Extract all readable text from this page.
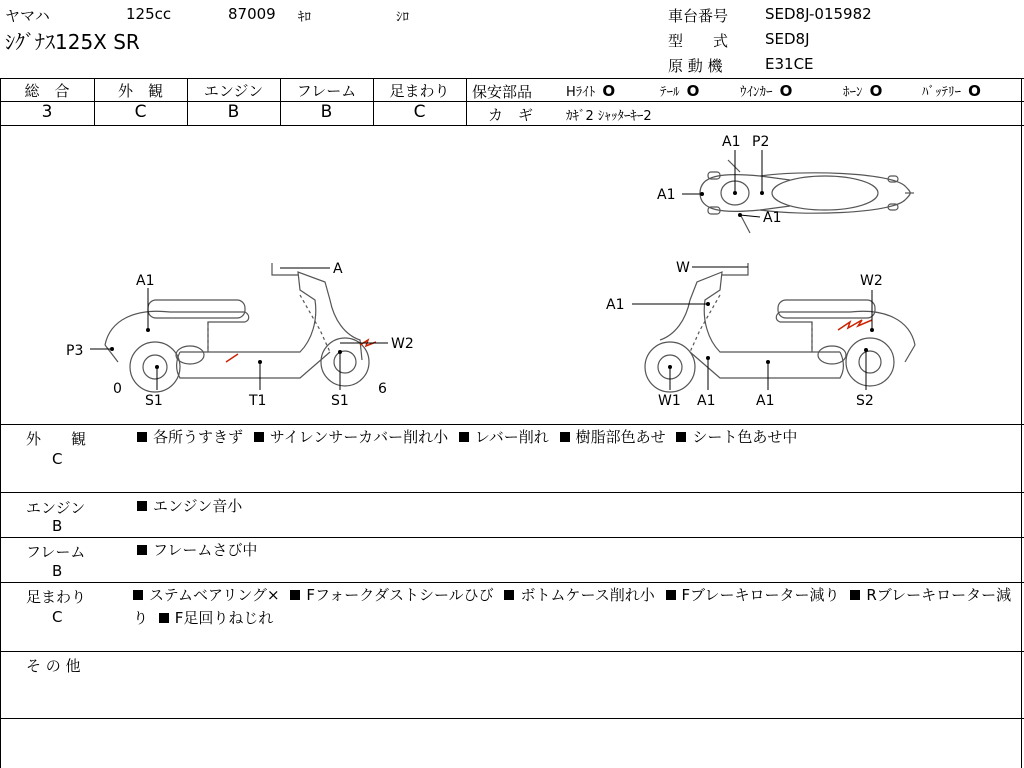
ヤマハ	125cc	87009 ｷﾛ	ｼﾛ
ｼｸﾞﾅｽ125X SR
車台番号 SED8J-015982
型　　式 SED8J
原 動 機	E31CE
総　合	外　観	エンジン	フレーム	足まわり
3	C	B	B	C
保安部品	Hﾗｲﾄ O	ﾃｰﾙ O	ｳｲﾝｶｰ O	ﾎｰﾝ O	ﾊﾞｯﾃﾘｰ O
カ　ギ	ｶｷﾞ2 ｼｬｯﾀｰｷｰ2
A1 P2
A1
A1
A
A1
P3	W2
0
S1	T1	S1
6
W
W2
A1
W1 A1	A1	S2
外　　観
C
各所うすきず サイレンサーカバー削れ小 レバー削れ 樹脂部色あせ シート色あせ中
エンジン
B
エンジン音小
フレーム
B
フレームさび中
足まわり
C
ステムベアリング× Fフォークダストシールひび ボトムケース削れ小 Fブレーキローター減り Rブレーキローター減り F足回りねじれ
そ の 他
